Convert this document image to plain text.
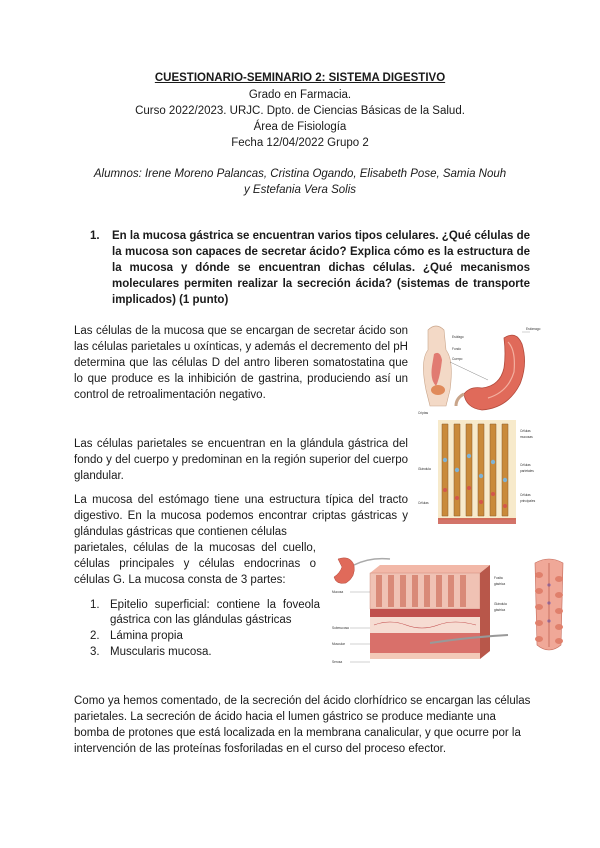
CUESTIONARIO-SEMINARIO 2: SISTEMA DIGESTIVO
Grado en Farmacia.
Curso 2022/2023. URJC. Dpto. de Ciencias Básicas de la Salud.
Área de Fisiología
Fecha 12/04/2022 Grupo 2
Alumnos: Irene Moreno Palancas, Cristina Ogando, Elisabeth Pose, Samia Nouh
y Estefania Vera Solis
1. En la mucosa gástrica se encuentran varios tipos celulares. ¿Qué células de la mucosa son capaces de secretar ácido? Explica cómo es la estructura de la mucosa y dónde se encuentran dichas células. ¿Qué mecanismos moleculares permiten realizar la secreción ácida? (sistemas de transporte implicados) (1 punto)
Las células de la mucosa que se encargan de secretar ácido son las células parietales u oxínticas, y además el decremento del pH determina que las células D del antro liberen somatostatina que lo que produce es la inhibición de gastrina, produciendo así un control de retroalimentación negativo.
Las células parietales se encuentran en la glándula gástrica del fondo y del cuerpo y predominan en la región superior del cuerpo glandular.
La mucosa del estómago tiene una estructura típica del tracto digestivo. En la mucosa podemos encontrar criptas gástricas y glándulas gástricas que contienen células
parietales, células de la mucosas del cuello, células principales y células endocrinas o células G. La mucosa consta de 3 partes:
1. Epitelio superficial: contiene la foveola gástrica con las glándulas gástricas
2. Lámina propia
3. Muscularis mucosa.
Como ya hemos comentado, de la secreción del ácido clorhídrico se encargan las células parietales. La secreción de ácido hacia el lumen gástrico se produce mediante una bomba de protones que está localizada en la membrana canalicular, y que ocurre por la intervención de las proteínas fosforiladas en el curso del proceso efector.
Estómago
Esófago
Fondo
Cuerpo
Criptas
Células
mucosas
Células
parietales
Células
principales
Glándula
Células
Mucosa
Submucosa
Muscular
Serosa
Fosita
gástrica
Glándula
gástrica
